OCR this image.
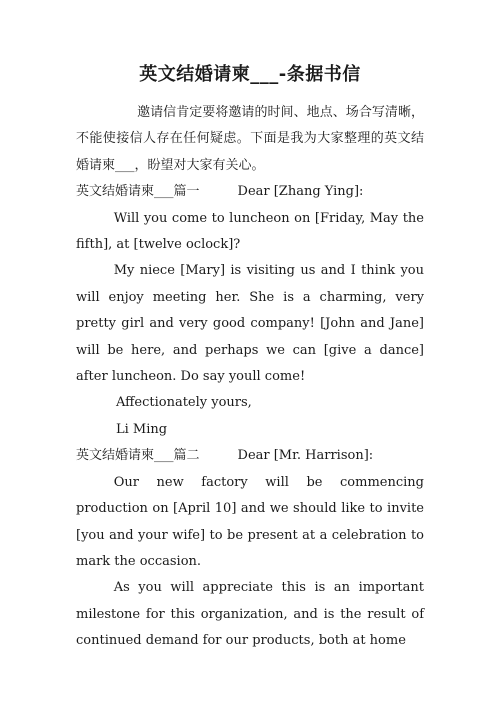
英文结婚请柬___-条据书信

邀请信肯定要将邀请的时间、地点、场合写清晰，不能使接信人存在任何疑虑。下面是我为大家整理的英文结婚请柬___，盼望对大家有关心。

英文结婚请柬___篇一	Dear [Zhang Ying]:

Will you come to luncheon on [Friday, May the fifth], at [twelve oclock]?

My niece [Mary] is visiting us and I think you will enjoy meeting her. She is a charming, very pretty girl and very good company! [John and Jane] will be here, and perhaps we can [give a dance] after luncheon. Do say youll come!

Affectionately yours,

Li Ming

英文结婚请柬___篇二	Dear [Mr. Harrison]:

Our new factory will be commencing production on [April 10] and we should like to invite [you and your wife] to be present at a celebration to mark the occasion.

As you will appreciate this is an important milestone for this organization, and is the result of continued demand for our products, both at home
